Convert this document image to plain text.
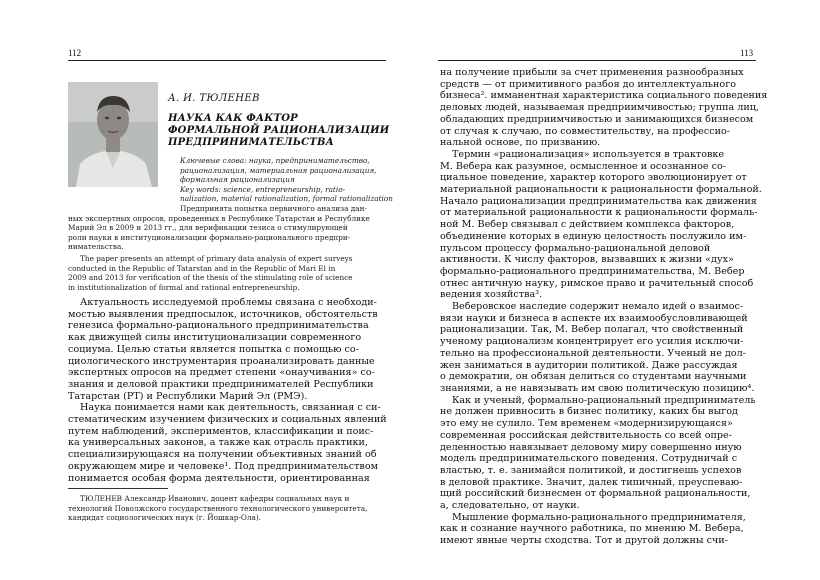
112
А. И. ТЮЛЕНЕВ
НАУКА КАК ФАКТОР
ФОРМАЛЬНОЙ РАЦИОНАЛИЗАЦИИ
ПРЕДПРИНИМАТЕЛЬСТВА
Ключевые слова: наука, предпринимательство,
рационализация, материальная рационализация,
формальная рационализация
Key words: science, entrepreneurship, ratio-
nalization, material rationalization, formal rationalization
Предпринята попытка первичного анализа дан-
ных экспертных опросов, проведенных в Республике Татарстан и Республике
Марий Эл в 2009 и 2013 гг., для верификации тезиса о стимулирующей
роли науки в институционализации формально-рационального предпри-
нимательства.
The paper presents an attempt of primary data analysis of expert surveys
conducted in the Republic of Tatarstan and in the Republic of Mari El in
2009 and 2013 for verification of the thesis of the stimulating role of science
in institutionalization of formal and rational entrepreneurship.
Актуальность исследуемой проблемы связана с необходи-
мостью выявления предпосылок, источников, обстоятельств
генезиса формально-рационального предпринимательства
как движущей силы институционализации современного
социума. Целью статьи является попытка с помощью со-
циологического инструментария проанализировать данные
экспертных опросов на предмет степени «онаучивания» со-
знания и деловой практики предпринимателей Республики
Татарстан (РТ) и Республики Марий Эл (РМЭ).
Наука понимается нами как деятельность, связанная с си-
стематическим изучением физических и социальных явлений
путем наблюдений, экспериментов, классификации и поис-
ка универсальных законов, а также как отрасль практики,
специализирующаяся на получении объективных знаний об
окружающем мире и человеке¹. Под предпринимательством
понимается особая форма деятельности, ориентированная
ТЮЛЕНЕВ Александр Иванович, доцент кафедры социальных наук и
технологий Поволжского государственного технологического университета,
кандидат социологических наук (г. Йошкар-Ола).
113
на получение прибыли за счет применения разнообразных
средств — от примитивного разбоя до интеллектуального
бизнеса². имманентная характеристика социального поведения
деловых людей, называемая предприимчивостью; группа лиц,
обладающих предприимчивостью и занимающихся бизнесом
от случая к случаю, по совместительству, на профессио-
нальной основе, по призванию.
Термин «рационализация» используется в трактовке
М. Вебера как разумное, осмысленное и осознанное со-
циальное поведение, характер которого эволюционирует от
материальной рациональности к рациональности формальной.
Начало рационализации предпринимательства как движения
от материальной рациональности к рациональности формаль-
ной М. Вебер связывал с действием комплекса факторов,
объединение которых в единую целостность послужило им-
пульсом процессу формально-рациональной деловой
активности. К числу факторов, вызвавших к жизни «дух»
формально-рационального предпринимательства, М. Вебер
отнес античную науку, римское право и рачительный способ
ведения хозяйства³.
Веберовское наследие содержит немало идей о взаимос-
вязи науки и бизнеса в аспекте их взаимообусловливающей
рационализации. Так, М. Вебер полагал, что свойственный
ученому рационализм концентрирует его усилия исключи-
тельно на профессиональной деятельности. Ученый не дол-
жен заниматься в аудитории политикой. Даже рассуждая
о демократии, он обязан делиться со студентами научными
знаниями, а не навязывать им свою политическую позицию⁴.
Как и ученый, формально-рациональный предприниматель
не должен привносить в бизнес политику, каких бы выгод
это ему не сулило. Тем временем «модернизирующаяся»
современная российская действительность со всей опре-
деленностью навязывает деловому миру совершенно иную
модель предпринимательского поведения. Сотрудничай с
властью, т. е. занимайся политикой, и достигнешь успехов
в деловой практике. Значит, далек типичный, преуспеваю-
щий российский бизнесмен от формальной рациональности,
а, следовательно, от науки.
Мышление формально-рационального предпринимателя,
как и сознание научного работника, по мнению М. Вебера,
имеют явные черты сходства. Тот и другой должны счи-
